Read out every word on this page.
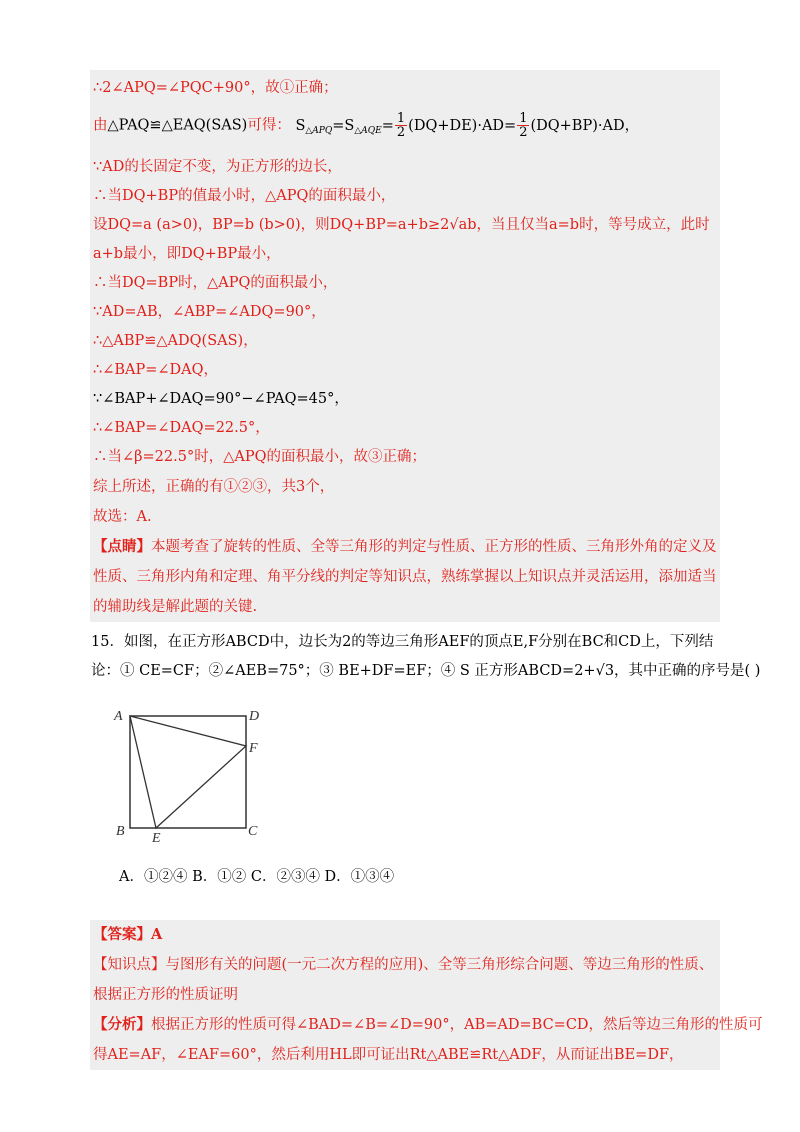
∴2∠APQ=∠PQC+90°，故①正确；
由△PAQ≌△EAQ(SAS)可得： $S_{\triangle APQ}=S_{\triangle AQE}= \frac{1}{2} (DQ+DE)\cdot AD= \frac{1}{2} (DQ+BP)\cdot AD$，
∵AD的长固定不变，为正方形的边长，
∴当DQ+BP的值最小时，△APQ的面积最小，
设DQ=a (a>0)，BP=b (b>0)，则DQ+BP=a+b≥2√ab，当且仅当a=b时，等号成立，此时
a+b最小，即DQ+BP最小，
∴当DQ=BP时，△APQ的面积最小，
∵AD=AB，∠ABP=∠ADQ=90°，
∴△ABP≌△ADQ(SAS)，
∴∠BAP=∠DAQ，
∵∠BAP+∠DAQ=90°−∠PAQ=45°，
∴∠BAP=∠DAQ=22.5°，
∴当∠β=22.5°时，△APQ的面积最小，故③正确；
综上所述，正确的有①②③，共3个，
故选：A.
【点睛】本题考查了旋转的性质、全等三角形的判定与性质、正方形的性质、三角形外角的定义及
性质、三角形内角和定理、角平分线的判定等知识点，熟练掌握以上知识点并灵活运用，添加适当
的辅助线是解此题的关键.
15．如图，在正方形ABCD中，边长为2的等边三角形AEF的顶点E,F分别在BC和CD上，下列结
论：① CE=CF；②∠AEB=75°；③ BE+DF=EF；④ S 正方形ABCD=2+√3，其中正确的序号是( )
A	D
F
B E	C
A．①②④ B．①② C．②③④ D．①③④
【答案】A
【知识点】与图形有关的问题(一元二次方程的应用)、全等三角形综合问题、等边三角形的性质、
根据正方形的性质证明
【分析】根据正方形的性质可得∠BAD=∠B=∠D=90°，AB=AD=BC=CD，然后等边三角形的性质可
得AE=AF，∠EAF=60°，然后利用HL即可证出Rt△ABE≌Rt△ADF，从而证出BE=DF，
